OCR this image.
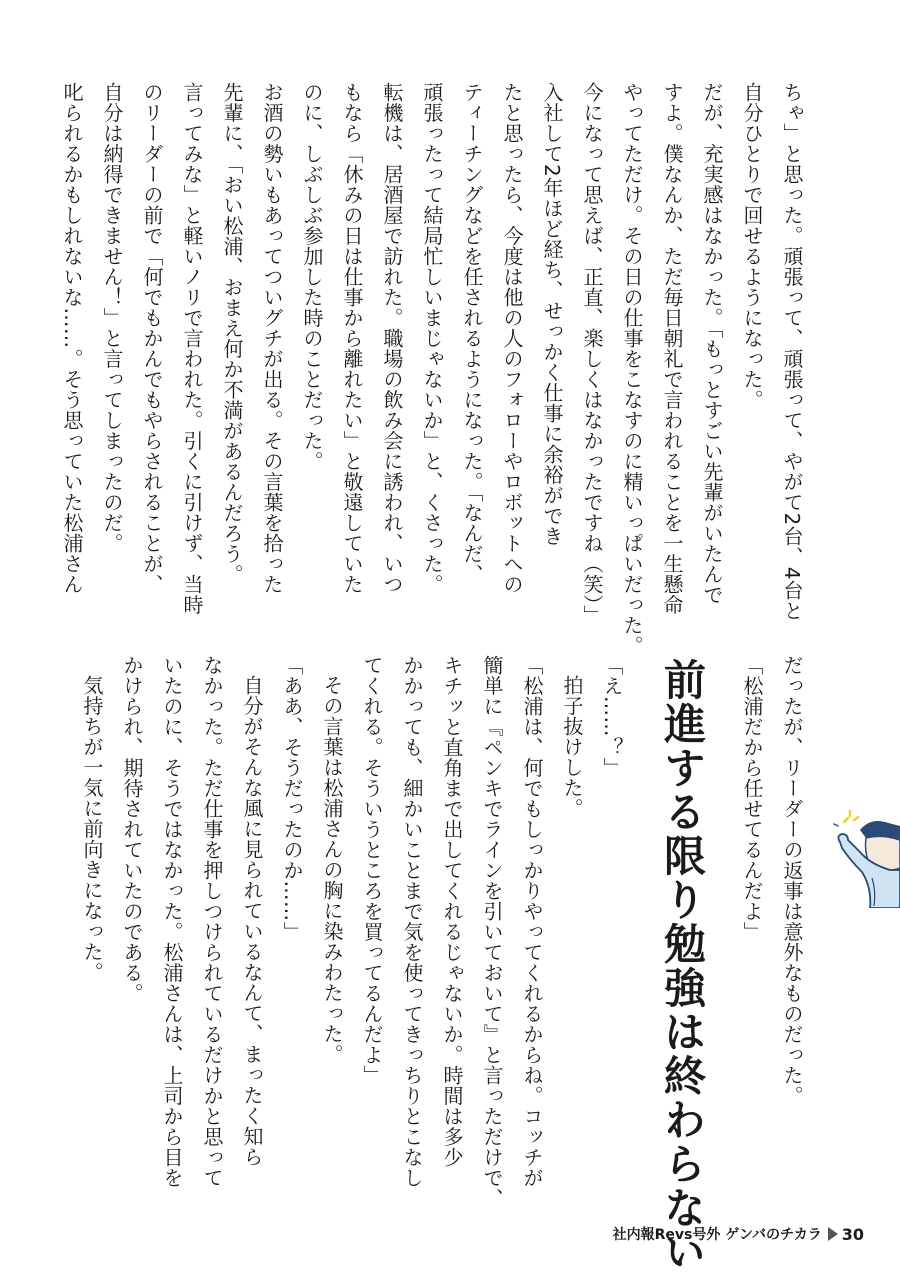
ちゃ」と思った。頑張って、頑張って、やがて2台、4台と
自分ひとりで回せるようになった。
だが、充実感はなかった。「もっとすごい先輩がいたんで
すよ。僕なんか、ただ毎日朝礼で言われることを一生懸命
やってただけ。その日の仕事をこなすのに精いっぱいだった。
今になって思えば、正直、楽しくはなかったですね（笑）」
入社して2年ほど経ち、せっかく仕事に余裕ができ
たと思ったら、今度は他の人のフォローやロボットへの
ティーチングなどを任されるようになった。「なんだ、
頑張ったって結局忙しいまじゃないか」と、くさった。
転機は、居酒屋で訪れた。職場の飲み会に誘われ、いつ
もなら「休みの日は仕事から離れたい」と敬遠していた
のに、しぶしぶ参加した時のことだった。
お酒の勢いもあってついグチが出る。その言葉を拾った
先輩に、「おい松浦、おまえ何か不満があるんだろう。
言ってみな」と軽いノリで言われた。引くに引けず、当時
のリーダーの前で「何でもかんでもやらされることが、
自分は納得できません！」と言ってしまったのだ。
叱られるかもしれないな……。そう思っていた松浦さん
だったが、リーダーの返事は意外なものだった。
「松浦だから任せてるんだよ」
「え……？」
拍子抜けした。
「松浦は、何でもしっかりやってくれるからね。コッチが
簡単に『ペンキでラインを引いておいて』と言っただけで、
キチッと直角まで出してくれるじゃないか。時間は多少
かかっても、細かいことまで気を使ってきっちりとこなし
てくれる。そういうところを買ってるんだよ」
その言葉は松浦さんの胸に染みわたった。
「ああ、そうだったのか……」
自分がそんな風に見られているなんて、まったく知ら
なかった。ただ仕事を押しつけられているだけかと思って
いたのに、そうではなかった。松浦さんは、上司から目を
かけられ、期待されていたのである。
気持ちが一気に前向きになった。	前進する限り勉強は終わらない
社内報Revs号外 ゲンバのチカラ 30
